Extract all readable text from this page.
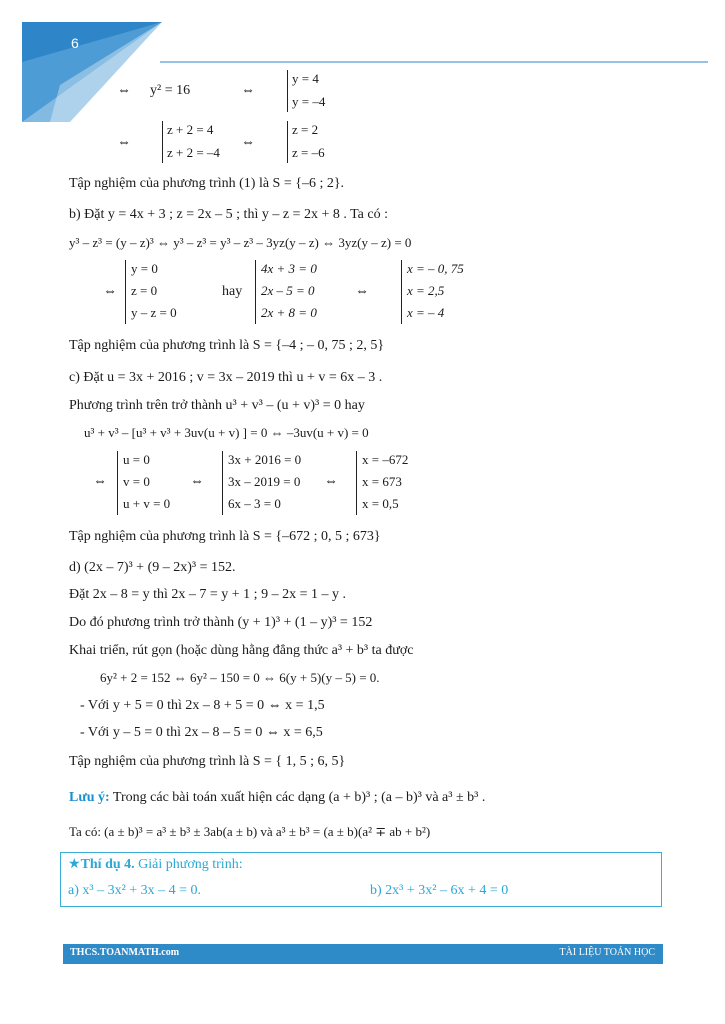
6
⇔ y² = 16	⇔
y = 4
y = –4
⇔
z + 2 = 4
z + 2 = –4
⇔
z = 2
z = –6
Tập nghiệm của phương trình (1) là S = {–6 ; 2}.
b) Đặt y = 4x + 3 ; z = 2x – 5 ; thì y – z = 2x + 8 . Ta có :
y³ – z³ = (y – z)³ ⇔ y³ – z³ = y³ – z³ – 3yz(y – z) ⇔ 3yz(y – z) = 0
⇔
y = 0
z = 0
y – z = 0
hay
4x + 3 = 0
2x – 5 = 0
2x + 8 = 0
⇔
x = – 0, 75
x = 2,5
x = – 4
Tập nghiệm của phương trình là S = {–4 ; – 0, 75 ; 2, 5}
c) Đặt u = 3x + 2016 ; v = 3x – 2019 thì u + v = 6x – 3 .
Phương trình trên trở thành u³ + v³ – (u + v)³ = 0 hay
u³ + v³ – [u³ + v³ + 3uv(u + v) ] = 0 ⇔ –3uv(u + v) = 0
⇔
u = 0
v = 0
u + v = 0
⇔
3x + 2016 = 0
3x – 2019 = 0
6x – 3 = 0
⇔
x = –672
x = 673
x = 0,5
Tập nghiệm của phương trình là S = {–672 ; 0, 5 ; 673}
d) (2x – 7)³ + (9 – 2x)³ = 152.
Đặt 2x – 8 = y thì 2x – 7 = y + 1 ; 9 – 2x = 1 – y .
Do đó phương trình trở thành (y + 1)³ + (1 – y)³ = 152
Khai triển, rút gọn (hoặc dùng hằng đẳng thức a³ + b³ ta được
6y² + 2 = 152 ⇔ 6y² – 150 = 0 ⇔ 6(y + 5)(y – 5) = 0.
- Với y + 5 = 0 thì 2x – 8 + 5 = 0 ⇔ x = 1,5
- Với y – 5 = 0 thì 2x – 8 – 5 = 0 ⇔ x = 6,5
Tập nghiệm của phương trình là S = { 1, 5 ; 6, 5}
Lưu ý: Trong các bài toán xuất hiện các dạng (a + b)³ ; (a – b)³ và a³ ± b³ .
Ta có: (a ± b)³ = a³ ± b³ ± 3ab(a ± b) và a³ ± b³ = (a ± b)(a² ∓ ab + b²)
★Thí dụ 4. Giải phương trình:
a) x³ – 3x² + 3x – 4 = 0.	b) 2x³ + 3x² – 6x + 4 = 0
THCS.TOANMATH.com	TÀI LIỆU TOÁN HỌC
